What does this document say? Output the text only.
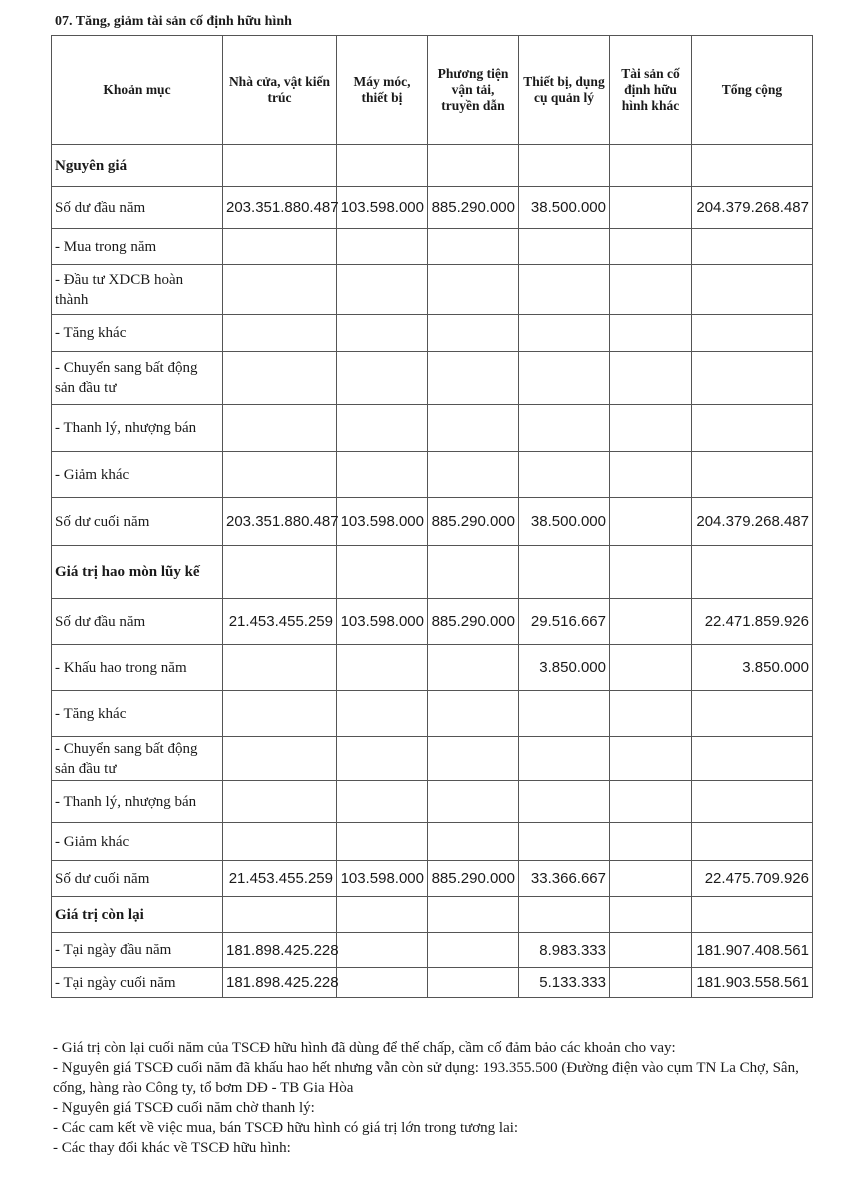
07. Tăng, giảm tài sản cố định hữu hình
Khoản mục	Nhà cửa, vật kiến trúc	Máy móc, thiết bị	Phương tiện vận tải, truyền dẫn	Thiết bị, dụng cụ quản lý	Tài sản cố định hữu hình khác	Tổng cộng
Nguyên giá						
Số dư đầu năm	203.351.880.487	103.598.000	885.290.000	38.500.000		204.379.268.487
- Mua trong năm						
- Đầu tư XDCB hoàn thành						
- Tăng khác						
- Chuyển sang bất động sản đầu tư						
- Thanh lý, nhượng bán						
- Giảm khác						
Số dư cuối năm	203.351.880.487	103.598.000	885.290.000	38.500.000		204.379.268.487
Giá trị hao mòn lũy kế						
Số dư đầu năm	21.453.455.259	103.598.000	885.290.000	29.516.667		22.471.859.926
- Khấu hao trong năm				3.850.000		3.850.000
- Tăng khác						
- Chuyển sang bất động sản đầu tư						
- Thanh lý, nhượng bán						
- Giảm khác						
Số dư cuối năm	21.453.455.259	103.598.000	885.290.000	33.366.667		22.475.709.926
Giá trị còn lại						
- Tại ngày đầu năm	181.898.425.228			8.983.333		181.907.408.561
- Tại ngày cuối năm	181.898.425.228			5.133.333		181.903.558.561
- Giá trị còn lại cuối năm của TSCĐ hữu hình đã dùng để thế chấp, cầm cố đảm bảo các khoản cho vay:
- Nguyên giá TSCĐ cuối năm đã khấu hao hết nhưng vẫn còn sử dụng: 193.355.500 (Đường điện vào cụm TN La Chợ, Sân, cống, hàng rào Công ty, tổ bơm DĐ - TB Gia Hòa
- Nguyên giá TSCĐ cuối năm chờ thanh lý:
- Các cam kết về việc mua, bán TSCĐ hữu hình có giá trị lớn trong tương lai:
- Các thay đổi khác về TSCĐ hữu hình:
